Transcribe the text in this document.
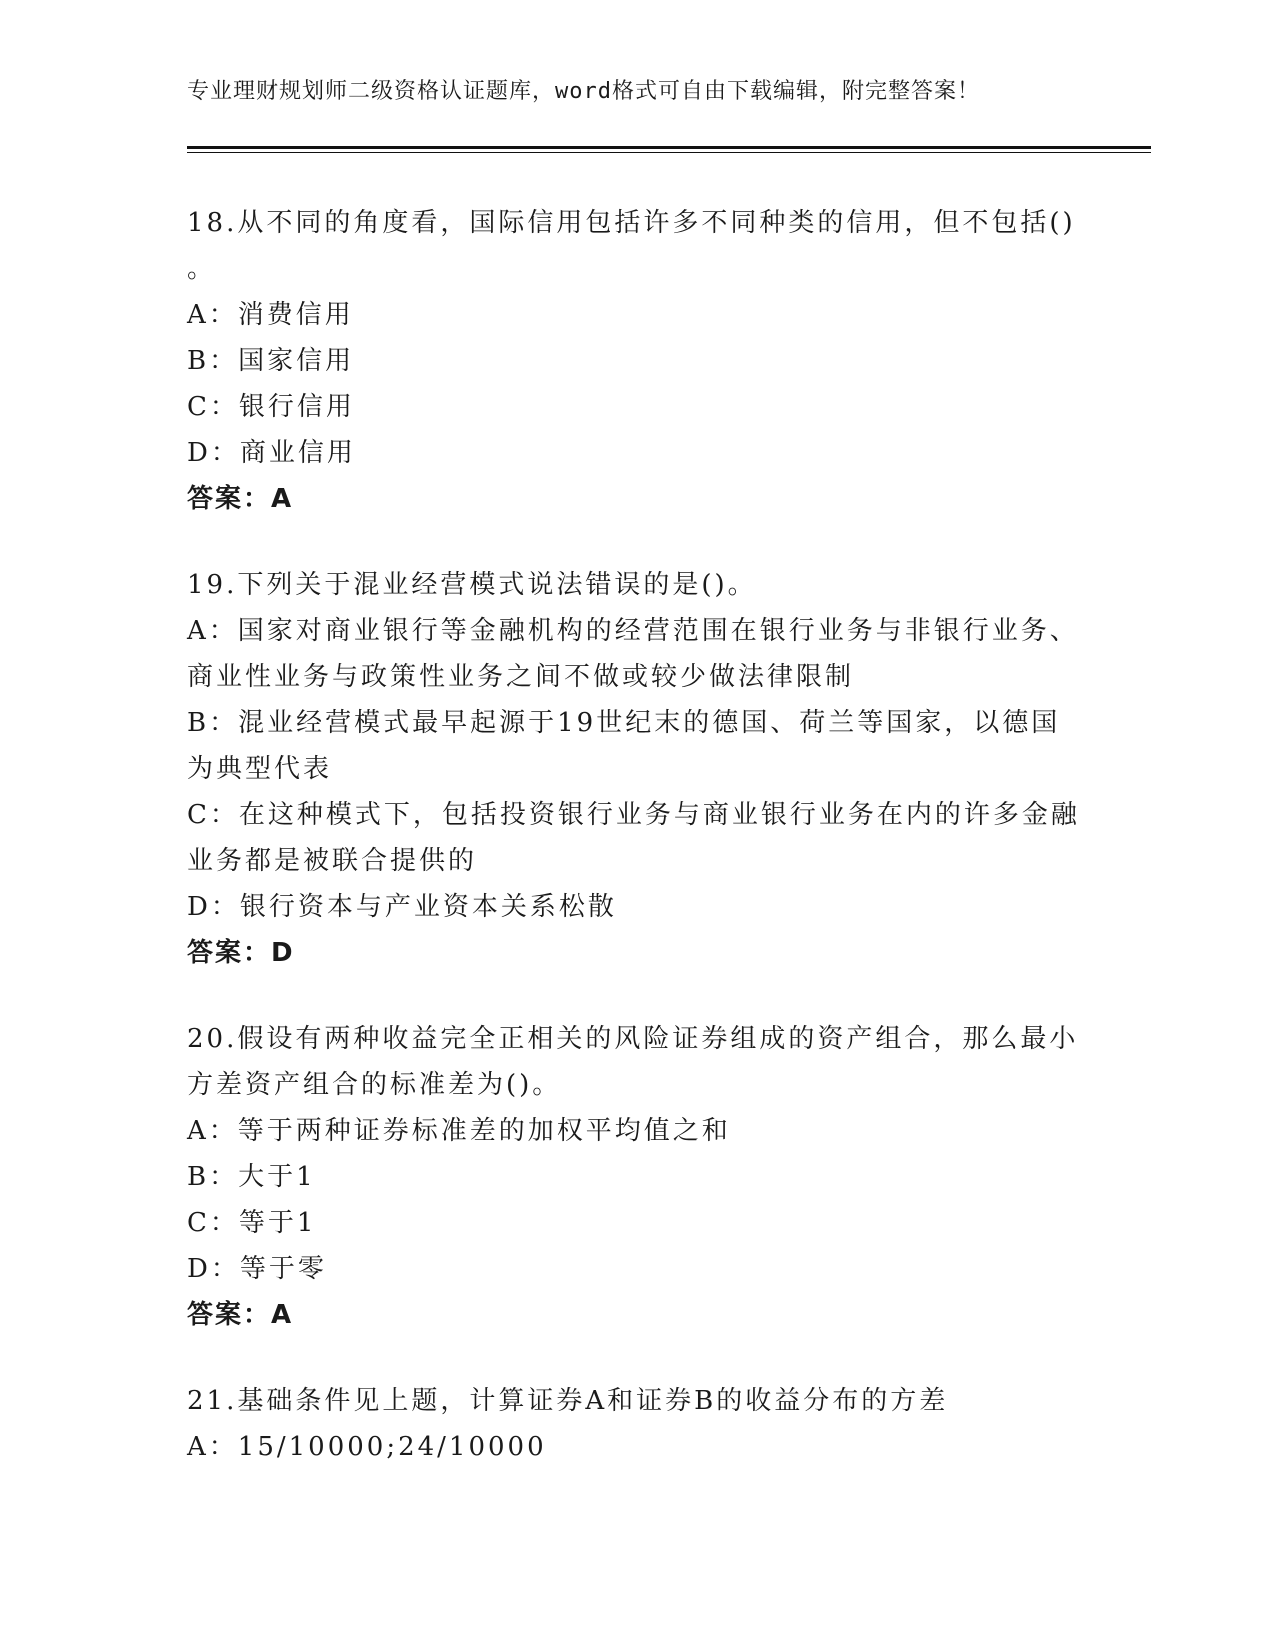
专业理财规划师二级资格认证题库，word格式可自由下载编辑，附完整答案！

18.从不同的角度看，国际信用包括许多不同种类的信用，但不包括()

。

A：消费信用

B：国家信用

C：银行信用

D：商业信用

答案：A

19.下列关于混业经营模式说法错误的是()。

A：国家对商业银行等金融机构的经营范围在银行业务与非银行业务、

商业性业务与政策性业务之间不做或较少做法律限制

B：混业经营模式最早起源于19世纪末的德国、荷兰等国家，以德国

为典型代表

C：在这种模式下，包括投资银行业务与商业银行业务在内的许多金融

业务都是被联合提供的

D：银行资本与产业资本关系松散

答案：D

20.假设有两种收益完全正相关的风险证券组成的资产组合，那么最小

方差资产组合的标准差为()。

A：等于两种证券标准差的加权平均值之和

B：大于1

C：等于1

D：等于零

答案：A

21.基础条件见上题，计算证券A和证券B的收益分布的方差

A：15/10000;24/10000
